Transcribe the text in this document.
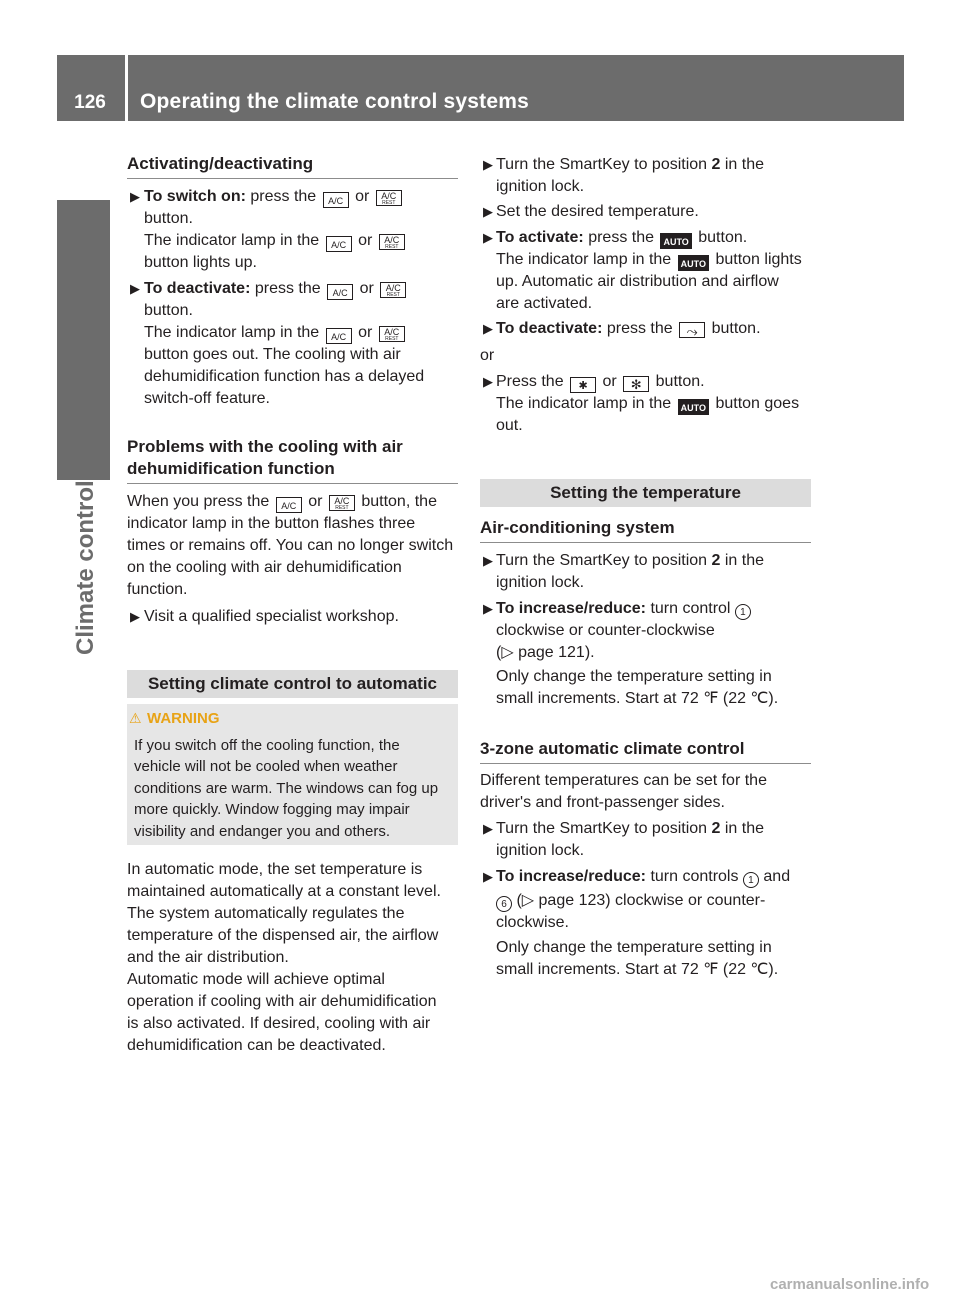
126	Operating the climate control systems
Climate control
Activating/deactivating
▶ To switch on: press the A/C or A/C
REST
button.
The indicator lamp in the A/C or A/C
REST
button lights up.
▶ To deactivate: press the A/C or A/C
REST
button.
The indicator lamp in the A/C or A/C
REST
button goes out. The cooling with air
dehumidification function has a delayed
switch-off feature.
Problems with the cooling with air
dehumidification function
When you press the A/C or A/C
REST button, the
indicator lamp in the button flashes three
times or remains off. You can no longer switch
on the cooling with air dehumidification
function.
▶ Visit a qualified specialist workshop.
Setting climate control to automatic
⚠ WARNING
If you switch off the cooling function, the
vehicle will not be cooled when weather
conditions are warm. The windows can fog up
more quickly. Window fogging may impair
visibility and endanger you and others.
In automatic mode, the set temperature is
maintained automatically at a constant level.
The system automatically regulates the
temperature of the dispensed air, the airflow
and the air distribution.
Automatic mode will achieve optimal
operation if cooling with air dehumidification
is also activated. If desired, cooling with air
dehumidification can be deactivated.
▶ Turn the SmartKey to position 2 in the
ignition lock.
▶ Set the desired temperature.
▶ To activate: press the AUTO button.
The indicator lamp in the AUTO button lights
up. Automatic air distribution and airflow
are activated.
▶ To deactivate: press the ⤳ button.
or
▶ Press the ✱ or ✻ button.
The indicator lamp in the AUTO button goes
out.
Setting the temperature
Air-conditioning system
▶ Turn the SmartKey to position 2 in the
ignition lock.
▶ To increase/reduce: turn control 1
clockwise or counter-clockwise
(▷ page 121).
Only change the temperature setting in
small increments. Start at 72 ℉ (22 ℃).
3-zone automatic climate control
Different temperatures can be set for the
driver's and front-passenger sides.
▶ Turn the SmartKey to position 2 in the
ignition lock.
▶ To increase/reduce: turn controls 1 and
6 (▷ page 123) clockwise or counter-
clockwise.
Only change the temperature setting in
small increments. Start at 72 ℉ (22 ℃).
carmanualsonline.info
